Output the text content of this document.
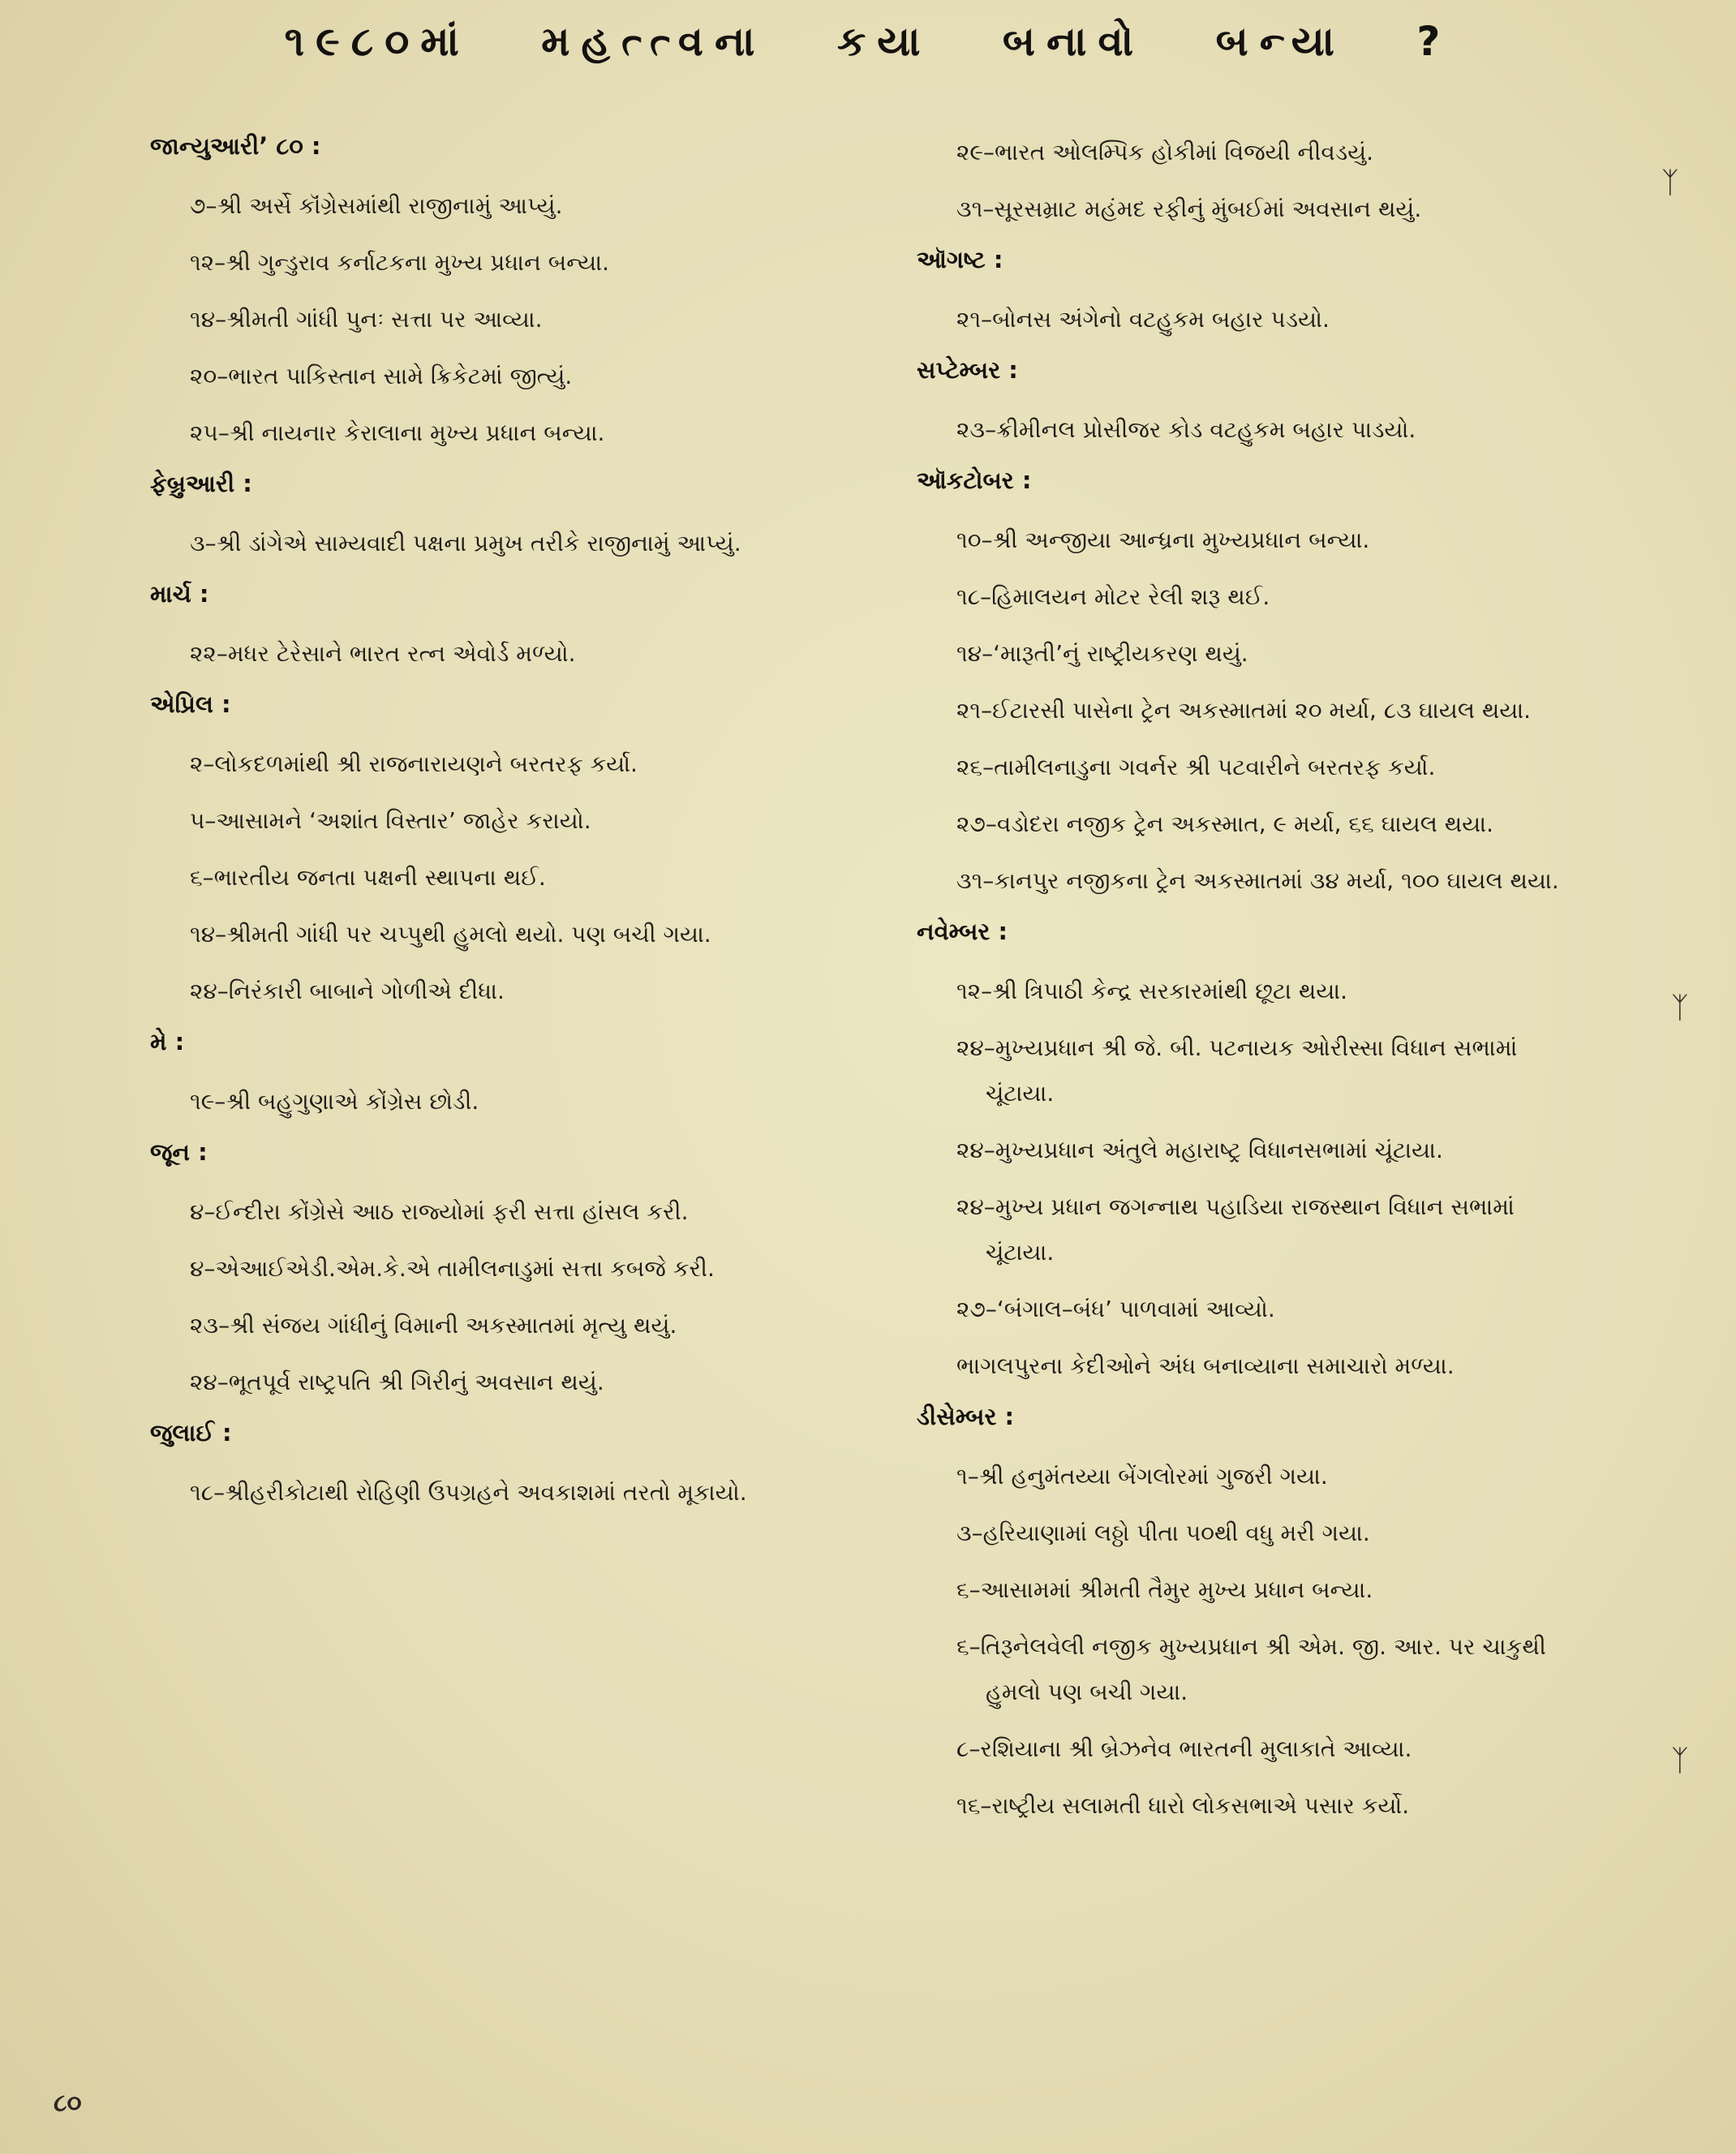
૧૯૮૦માં મહત્ત્વના કયા બનાવો બન્યા ?
જાન્યુઆરી’ ૮૦ :
૭–શ્રી અર્સે કૉંગ્રેસમાંથી રાજીનામું આપ્યું.
૧૨–શ્રી ગુન્ડુરાવ કર્નાટકના મુખ્ય પ્રધાન બન્યા.
૧૪–શ્રીમતી ગાંધી પુનઃ સત્તા પર આવ્યા.
૨૦–ભારત પાકિસ્તાન સામે ક્રિકેટમાં જીત્યું.
૨૫–શ્રી નાયનાર કેરાલાના મુખ્ય પ્રધાન બન્યા.
ફેબ્રુઆરી :
૩–શ્રી ડાંગેએ સામ્યવાદી પક્ષના પ્રમુખ તરીકે રાજીનામું આપ્યું.
માર્ચ :
૨૨–મધર ટેરેસાને ભારત રત્ન એવોર્ડ મળ્યો.
એપ્રિલ :
૨–લોકદળમાંથી શ્રી રાજનારાયણને બરતરફ કર્યા.
૫–આસામને ‘અશાંત વિસ્તાર’ જાહેર કરાયો.
૬–ભારતીય જનતા પક્ષની સ્થાપના થઈ.
૧૪–શ્રીમતી ગાંધી પર ચપ્પુથી હુમલો થયો. પણ બચી ગયા.
૨૪–નિરંકારી બાબાને ગોળીએ દીધા.
મે :
૧૯–શ્રી બહુગુણાએ કોંગ્રેસ છોડી.
જૂન :
૪–ઈન્દીરા કોંગ્રેસે આઠ રાજ્યોમાં ફરી સત્તા હાંસલ કરી.
૪–એઆઈએડી.એમ.કે.એ તામીલનાડુમાં સત્તા કબજે કરી.
૨૩–શ્રી સંજય ગાંધીનું વિમાની અકસ્માતમાં મૃત્યુ થયું.
૨૪–ભૂતપૂર્વ રાષ્ટ્રપતિ શ્રી ગિરીનું અવસાન થયું.
જુલાઈ :
૧૮–શ્રીહરીકોટાથી રોહિણી ઉપગ્રહને અવકાશમાં તરતો મૂકાયો.
૨૯–ભારત ઓલમ્પિક હોકીમાં વિજયી નીવડયું.
૩૧–સૂરસમ્રાટ મહંમદ રફીનું મુંબઈમાં અવસાન થયું.
ઑગષ્ટ :
૨૧–બોનસ અંગેનો વટહુકમ બહાર પડયો.
સપ્ટેમ્બર :
૨૩–ક્રીમીનલ પ્રોસીજર કોડ વટહુકમ બહાર પાડયો.
ઑકટોબર :
૧૦–શ્રી અન્જીયા આન્ધ્રના મુખ્યપ્રધાન બન્યા.
૧૮–હિમાલયન મોટર રેલી શરૂ થઈ.
૧૪–‘મારૂતી’નું રાષ્ટ્રીયકરણ થયું.
૨૧–ઈટારસી પાસેના ટ્રેન અકસ્માતમાં ૨૦ મર્યા, ૮૩ ઘાયલ થયા.
૨૬–તામીલનાડુના ગવર્નર શ્રી પટવારીને બરતરફ કર્યા.
૨૭–વડોદરા નજીક ટ્રેન અકસ્માત, ૯ મર્યા, ૬૬ ઘાયલ થયા.
૩૧–કાનપુર નજીકના ટ્રેન અકસ્માતમાં ૩૪ મર્યા, ૧૦૦ ઘાયલ થયા.
નવેમ્બર :
૧૨–શ્રી ત્રિપાઠી કેન્દ્ર સરકારમાંથી છૂટા થયા.
૨૪–મુખ્યપ્રધાન શ્રી જે. બી. પટનાયક ઓરીસ્સા વિધાન સભામાં ચૂંટાયા.
૨૪–મુખ્યપ્રધાન અંતુલે મહારાષ્ટ્ર વિધાનસભામાં ચૂંટાયા.
૨૪–મુખ્ય પ્રધાન જગન્નાથ પહાડિયા રાજસ્થાન વિધાન સભામાં ચૂંટાયા.
૨૭–‘બંગાલ–બંધ’ પાળવામાં આવ્યો.
ભાગલપુરના કેદીઓને અંધ બનાવ્યાના સમાચારો મળ્યા.
ડીસેમ્બર :
૧–શ્રી હનુમંતય્યા બેંગલોરમાં ગુજરી ગયા.
૩–હરિયાણામાં લઠ્ઠો પીતા ૫૦થી વધુ મરી ગયા.
૬–આસામમાં શ્રીમતી તૈમુર મુખ્ય પ્રધાન બન્યા.
૬–તિરૂનેલવેલી નજીક મુખ્યપ્રધાન શ્રી એમ. જી. આર. પર ચાકુથી હુમલો પણ બચી ગયા.
૮–રશિયાના શ્રી બ્રેઝનેવ ભારતની મુલાકાતે આવ્યા.
૧૬–રાષ્ટ્રીય સલામતી ધારો લોકસભાએ પસાર કર્યો.
ᛉ
ᛉ
ᛉ
૮૦
